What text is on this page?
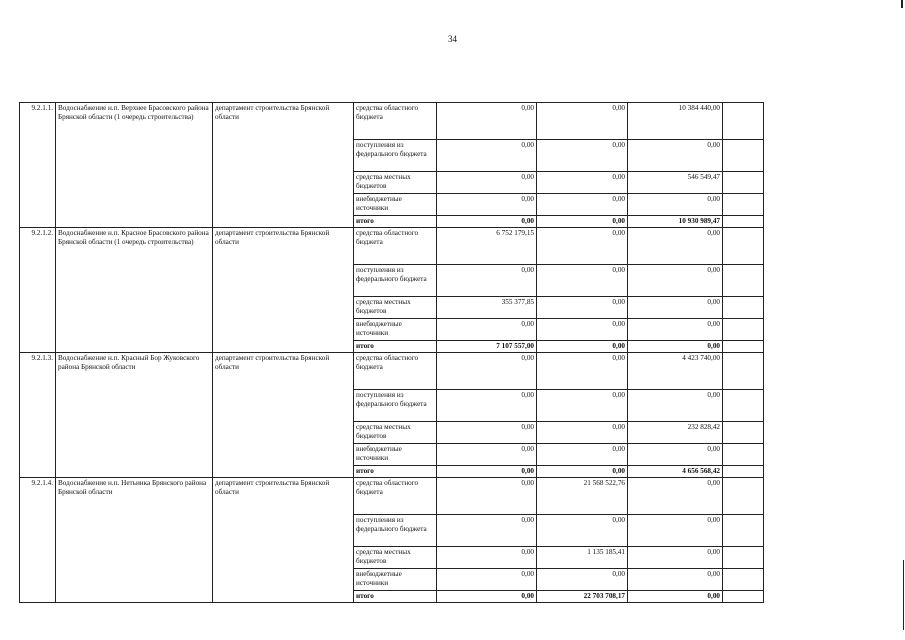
34
9.2.1.1.	Водоснабжение н.п. Верхнее Брасовского района Брянской области (1 очередь строительства)	департамент строительства Брянской области	средства областного бюджета	0,00	0,00	10 384 440,00	
			поступления из федерального бюджета	0,00	0,00	0,00	
			средства местных бюджетов	0,00	0,00	546 549,47	
			внебюджетные источники	0,00	0,00	0,00	
			итого	0,00	0,00	10 930 989,47	
9.2.1.2.	Водоснабжение н.п. Красное Брасовского района Брянской области (1 очередь строительства)	департамент строительства Брянской области	средства областного бюджета	6 752 179,15	0,00	0,00	
			поступления из федерального бюджета	0,00	0,00	0,00	
			средства местных бюджетов	355 377,85	0,00	0,00	
			внебюджетные источники	0,00	0,00	0,00	
			итого	7 107 557,00	0,00	0,00	
9.2.1.3.	Водоснабжение н.п. Красный Бор Жуковского района Брянской области	департамент строительства Брянской области	средства областного бюджета	0,00	0,00	4 423 740,00	
			поступления из федерального бюджета	0,00	0,00	0,00	
			средства местных бюджетов	0,00	0,00	232 828,42	
			внебюджетные источники	0,00	0,00	0,00	
			итого	0,00	0,00	4 656 568,42	
9.2.1.4.	Водоснабжение н.п. Нетьинка Брянского района Брянской области	департамент строительства Брянской области	средства областного бюджета	0,00	21 568 522,76	0,00	
			поступления из федерального бюджета	0,00	0,00	0,00	
			средства местных бюджетов	0,00	1 135 185,41	0,00	
			внебюджетные источники	0,00	0,00	0,00	
			итого	0,00	22 703 708,17	0,00	
